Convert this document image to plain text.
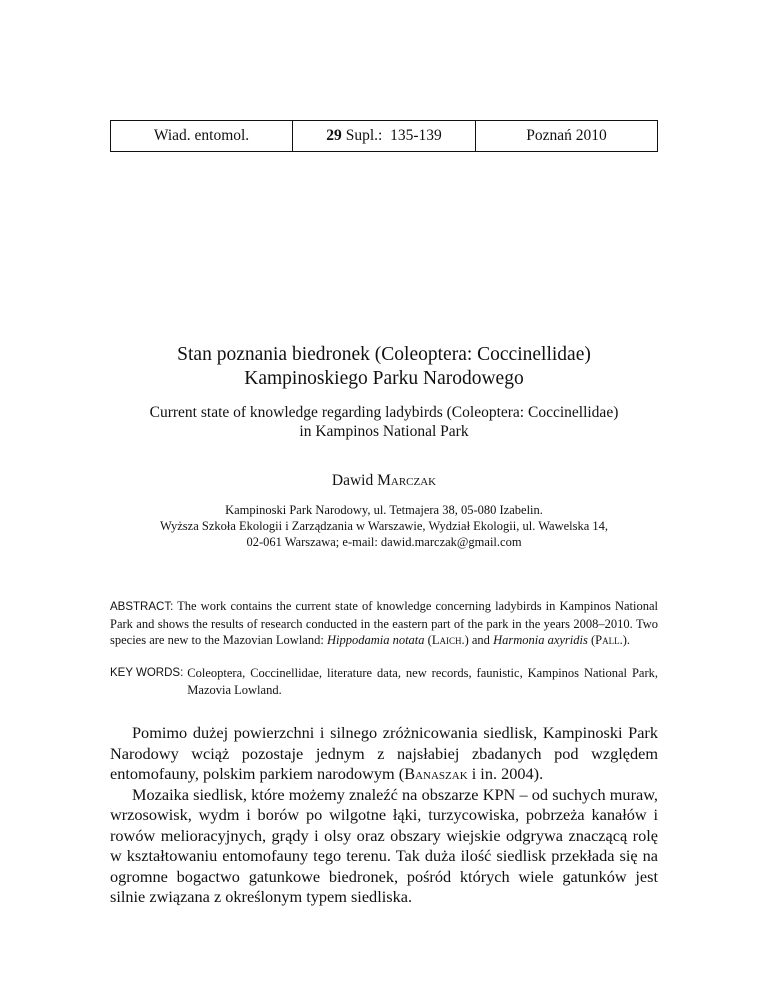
Wiad. entomol.	29 Supl.:  135-139	Poznań 2010
Stan poznania biedronek (Coleoptera: Coccinellidae)
Kampinoskiego Parku Narodowego
Current state of knowledge regarding ladybirds (Coleoptera: Coccinellidae)
in Kampinos National Park
Dawid Marczak
Kampinoski Park Narodowy, ul. Tetmajera 38, 05-080 Izabelin.
Wyższa Szkoła Ekologii i Zarządzania w Warszawie, Wydział Ekologii, ul. Wawelska 14,
02-061 Warszawa; e-mail: dawid.marczak@gmail.com
ABSTRACT: The work contains the current state of knowledge concerning ladybirds in Kampinos National Park and shows the results of research conducted in the eastern part of the park in the years 2008–2010. Two species are new to the Mazovian Lowland: Hippodamia notata (Laich.) and Harmonia axyridis (Pall.).
KEY WORDS: Coleoptera, Coccinellidae, literature data, new records, faunistic, Kampinos National Park, Mazovia Lowland.

Pomimo dużej powierzchni i silnego zróżnicowania siedlisk, Kampinoski Park Narodowy wciąż pozostaje jednym z najsłabiej zbadanych pod względem entomofauny, polskim parkiem narodowym (Banaszak i in. 2004).

Mozaika siedlisk, które możemy znaleźć na obszarze KPN – od suchych muraw, wrzosowisk, wydm i borów po wilgotne łąki, turzycowiska, pobrzeża kanałów i rowów melioracyjnych, grądy i olsy oraz obszary wiejskie odgrywa znaczącą rolę w kształtowaniu entomofauny tego terenu. Tak duża ilość siedlisk przekłada się na ogromne bogactwo gatunkowe biedronek, pośród których wiele gatunków jest silnie związana z określonym typem siedliska.
